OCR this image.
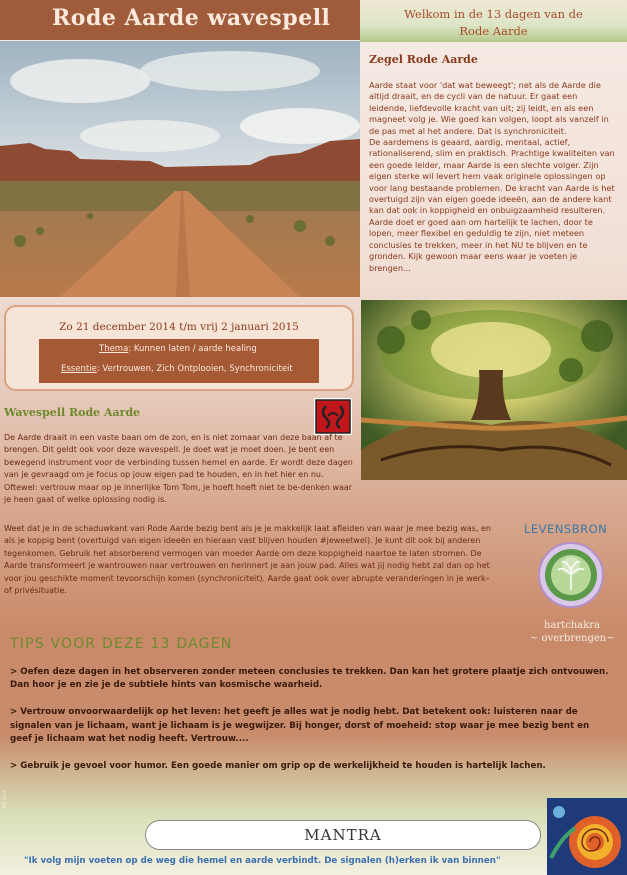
Rode Aarde wavespell	Welkom in de 13 dagen van de
Rode Aarde
Zegel Rode Aarde

Aarde staat voor 'dat wat beweegt'; net als de Aarde die altijd draait, en de cycli van de natuur. Er gaat een leidende, liefdevolle kracht van uit; zij leidt, en als een magneet volg je. Wie goed kan volgen, loopt als vanzelf in de pas met al het andere. Dat is synchroniciteit.

De aardemens is geaard, aardig, mentaal, actief, rationaliserend, slim en praktisch. Prachtige kwaliteiten van een goede leider, maar Aarde is een slechte volger. Zijn eigen sterke wil levert hem vaak originele oplossingen op voor lang bestaande problemen. De kracht van Aarde is het overtuigd zijn van eigen goede ideeën, aan de andere kant kan dat ook in koppigheid en onbuigzaamheid resulteren.

Aarde doet er goed aan om hartelijk te lachen, door te lopen, meer flexibel en geduldig te zijn, niet meteen conclusies te trekken, meer in het NU te blijven en te gronden. Kijk gewoon maar eens waar je voeten je brengen...

Zo 21 december 2014 t/m vrij 2 januari 2015
Thema: Kunnen laten / aarde healing
Essentie: Vertrouwen, Zich Ontplooien, Synchroniciteit
Wavespell Rode Aarde
De Aarde draait in een vaste baan om de zon, en is niet zomaar van deze baan af te brengen. Dit geldt ook voor deze wavespell. Je doet wat je moet doen. Je bent een bewegend instrument voor de verbinding tussen hemel en aarde. Er wordt deze dagen van je gevraagd om je focus op jouw eigen pad te houden, en in het hier en nu. Oftewel: vertrouw maar op je innerlijke Tom Tom, je hoeft hoeft niet te be-denken waar je heen gaat of welke oplossing nodig is.
Weet dat je in de schaduwkant van Rode Aarde bezig bent als je je makkelijk laat afleiden van waar je mee bezig was, en als je koppig bent (overtuigd van eigen ideeën en hieraan vast blijven houden #jeweetwel). Je kunt dit ook bij anderen tegenkomen. Gebruik het absorberend vermogen van moeder Aarde om deze koppigheid naartoe te laten stromen. De Aarde transformeert je wantrouwen naar vertrouwen en herinnert je aan jouw pad. Alles wat jij nodig hebt zal dan op het voor jou geschikte moment tevoorschijn komen (synchroniciteit). Aarde gaat ook over abrupte veranderingen in je werk– of privésituatie.
LEVENSBRON
hartchakra
~ overbrengen~
TIPS VOOR DEZE 13 DAGEN

> Oefen deze dagen in het observeren zonder meteen conclusies te trekken. Dan kan het grotere plaatje zich ontvouwen. Dan hoor je en zie je de subtiele hints van kosmische waarheid.

> Vertrouw onvoorwaardelijk op het leven: het geeft je alles wat je nodig hebt. Dat betekent ook: luisteren naar de signalen van je lichaam, want je lichaam is je wegwijzer. Bij honger, dorst of moeheid: stop waar je mee bezig bent en geef je lichaam wat het nodig heeft. Vertrouw....

> Gebruik je gevoel voor humor. Een goede manier om grip op de werkelijkheid te houden is hartelijk lachen.

MB 2014
MANTRA
"Ik volg mijn voeten op de weg die hemel en aarde verbindt. De signalen (h)erken ik van binnen"
